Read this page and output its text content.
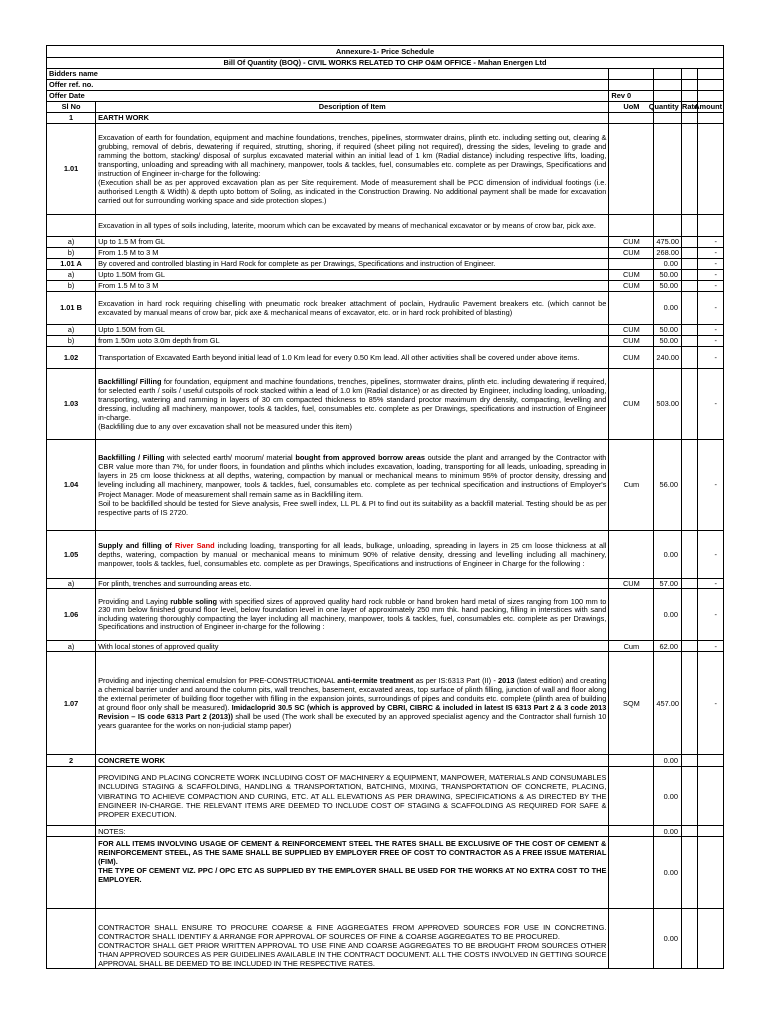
Annexure-1- Price Schedule					
Bill Of Quantity (BOQ) - CIVIL WORKS RELATED TO CHP O&M OFFICE - Mahan Energen Ltd					
Bidders name					
Offer ref. no.					
Offer Date		Rev 0			
Sl No	Description of Item	UoM	Quantity	Rate	Amount
1	EARTH WORK				
1.01	Excavation of earth for foundation, equipment and machine foundations, trenches, pipelines, stormwater drains, plinth etc. including setting out, clearing & grubbing, removal of debris, dewatering if required, strutting, shoring, if required (sheet piling not required), dressing the sides, leveling to grade and ramming the bottom, stacking/ disposal of surplus excavated material within an initial lead of 1 km (Radial distance) including respective lifts, loading, transporting, unloading and spreading with all machinery, manpower, tools & tackles, fuel, consumables etc. complete as per Drawings, Specifications and instruction of Engineer in-charge for the following:
(Execution shall be as per approved excavation plan as per Site requirement. Mode of measurement shall be PCC dimension of individual footings (i.e. authorised Length & Width) & depth upto bottom of Soling, as indicated in the Construction Drawing. No additional payment shall be made for excavation carried out for surrounding working space and side protection slopes.)				
	Excavation in all types of soils including, laterite, moorum which can be excavated by means of mechanical excavator or by means of crow bar, pick axe.				
a)	Up to 1.5 M from GL	CUM	475.00		-
b)	From 1.5 M to 3 M	CUM	268.00		-
1.01 A	By covered and controlled blasting in Hard Rock for complete as per Drawings, Specifications and instruction of Engineer.		0.00		-
a)	Upto 1.50M from GL	CUM	50.00		-
b)	From 1.5 M to 3 M	CUM	50.00		-
1.01 B	Excavation in hard rock requiring chiselling with pneumatic rock breaker attachment of poclain, Hydraulic Pavement breakers etc. (which cannot be excavated by manual means of crow bar, pick axe & mechanical means of excavator, etc. or in hard rock prohibited of blasting)		0.00		-
a)	Upto 1.50M from GL	CUM	50.00		-
b)	from 1.50m uoto 3.0m depth from GL	CUM	50.00		-
1.02	Transportation of Excavated Earth beyond initial lead of 1.0 Km lead for every 0.50 Km lead. All other activities shall be covered under above items.	CUM	240.00		-
1.03	Backfilling/ Filling for foundation, equipment and machine foundations, trenches, pipelines, stormwater drains, plinth etc. including dewatering if required, for selected earth / soils / useful cutspoils of rock stacked within a lead of 1.0 km (Radial distance) or as directed by Engineer, including loading, unloading, transporting, watering and ramming in layers of 30 cm compacted thickness to 85% standard proctor maximum dry density, compacting, levelling and dressing, including all machinery, manpower, tools & tackles, fuel, consumables etc. complete as per Drawings, specifications and instruction of Engineer in-charge.
(Backfilling due to any over excavation shall not be measured under this item)	CUM	503.00		-
1.04	Backfilling / Filling with selected earth/ moorum/ material bought from approved borrow areas outside the plant and arranged by the Contractor with CBR value more than 7%, for under floors, in foundation and plinths which includes excavation, loading, transporting for all leads, unloading, spreading in layers in 25 cm loose thickness at all depths, watering, compaction by manual or mechanical means to minimum 95% of proctor density, dressing and leveling including all machinery, manpower, tools & tackles, fuel, consumables etc. complete as per technical specification and instructions of Employer's Project Manager. Mode of measurement shall remain same as in Backfilling item.
Soil to be backfilled should be tested for Sieve analysis, Free swell index, LL PL & PI to find out its suitability as a backfill material. Testing should be as per respective parts of IS 2720.	Cum	56.00		-
1.05	Supply and filling of River Sand including loading, transporting for all leads, bulkage, unloading, spreading in layers in 25 cm loose thickness at all depths, watering, compaction by manual or mechanical means to minimum 90% of relative density, dressing and levelling including all machinery, manpower, tools & tackles, fuel, consumables etc. complete as per Drawings, Specifications and instructions of Engineer in Charge for the following :		0.00		-
a)	For plinth, trenches and surrounding areas etc.	CUM	57.00		-
1.06	Providing and Laying rubble soling with specified sizes of approved quality hard rock rubble or hand broken hard metal of sizes ranging from 100 mm to 230 mm below finished ground floor level, below foundation level in one layer of approximately 250 mm thk. hand packing, filling in interstices with sand including watering thoroughly compacting the layer including all machinery, manpower, tools & tackles, fuel, consumables etc. complete as per Drawings, Specifications and instruction of Engineer in-charge for the following :		0.00		-
a)	With local stones of approved quality	Cum	62.00		-
1.07	Providing and injecting chemical emulsion for PRE-CONSTRUCTIONAL anti-termite treatment as per IS:6313 Part (II) - 2013 (latest edition) and creating a chemical barrier under and around the column pits, wall trenches, basement, excavated areas, top surface of plinth filling, junction of wall and floor along the external perimeter of building floor together with filling in the expansion joints, surroundings of pipes and conduits etc. complete (plinth area of building at ground floor only shall be measured). Imidacloprid 30.5 SC (which is approved by CBRI, CIBRC & included in latest IS 6313 Part 2 & 3 code 2013 Revision – IS code 6313 Part 2 (2013)) shall be used (The work shall be executed by an approved specialist agency and the Contractor shall furnish 10 years guarantee for the works on non-judicial stamp paper)	SQM	457.00		-
2	CONCRETE WORK		0.00		
	PROVIDING AND PLACING CONCRETE WORK INCLUDING COST OF MACHINERY & EQUIPMENT, MANPOWER, MATERIALS AND CONSUMABLES INCLUDING STAGING & SCAFFOLDING, HANDLING & TRANSPORTATION, BATCHING, MIXING, TRANSPORTATION OF CONCRETE, PLACING, VIBRATING TO ACHIEVE COMPACTION AND CURING, ETC. AT ALL ELEVATIONS AS PER DRAWING, SPECIFICATIONS & AS DIRECTED BY THE ENGINEER IN-CHARGE. THE RELEVANT ITEMS ARE DEEMED TO INCLUDE COST OF STAGING & SCAFFOLDING AS REQUIRED FOR SAFE & PROPER EXECUTION.		0.00		
	NOTES:		0.00		
	FOR ALL ITEMS INVOLVING USAGE OF CEMENT & REINFORCEMENT STEEL THE RATES SHALL BE EXCLUSIVE OF THE COST OF CEMENT & REINFORCEMENT STEEL, AS THE SAME SHALL BE SUPPLIED BY EMPLOYER FREE OF COST TO CONTRACTOR AS A FREE ISSUE MATERIAL (FIM).
THE TYPE OF CEMENT VIZ. PPC / OPC ETC AS SUPPLIED BY THE EMPLOYER SHALL BE USED FOR THE WORKS AT NO EXTRA COST TO THE EMPLOYER.		0.00		
	CONTRACTOR SHALL ENSURE TO PROCURE COARSE & FINE AGGREGATES FROM APPROVED SOURCES FOR USE IN CONCRETING. CONTRACTOR SHALL IDENTIFY & ARRANGE FOR APPROVAL OF SOURCES OF FINE & COARSE AGGREGATES TO BE PROCURED.
CONTRACTOR SHALL GET PRIOR WRITTEN APPROVAL TO USE FINE AND COARSE AGGREGATES TO BE BROUGHT FROM SOURCES OTHER THAN APPROVED SOURCES AS PER GUIDELINES AVAILABLE IN THE CONTRACT DOCUMENT. ALL THE COSTS INVOLVED IN GETTING SOURCE APPROVAL SHALL BE DEEMED TO BE INCLUDED IN THE RESPECTIVE RATES.		0.00		
